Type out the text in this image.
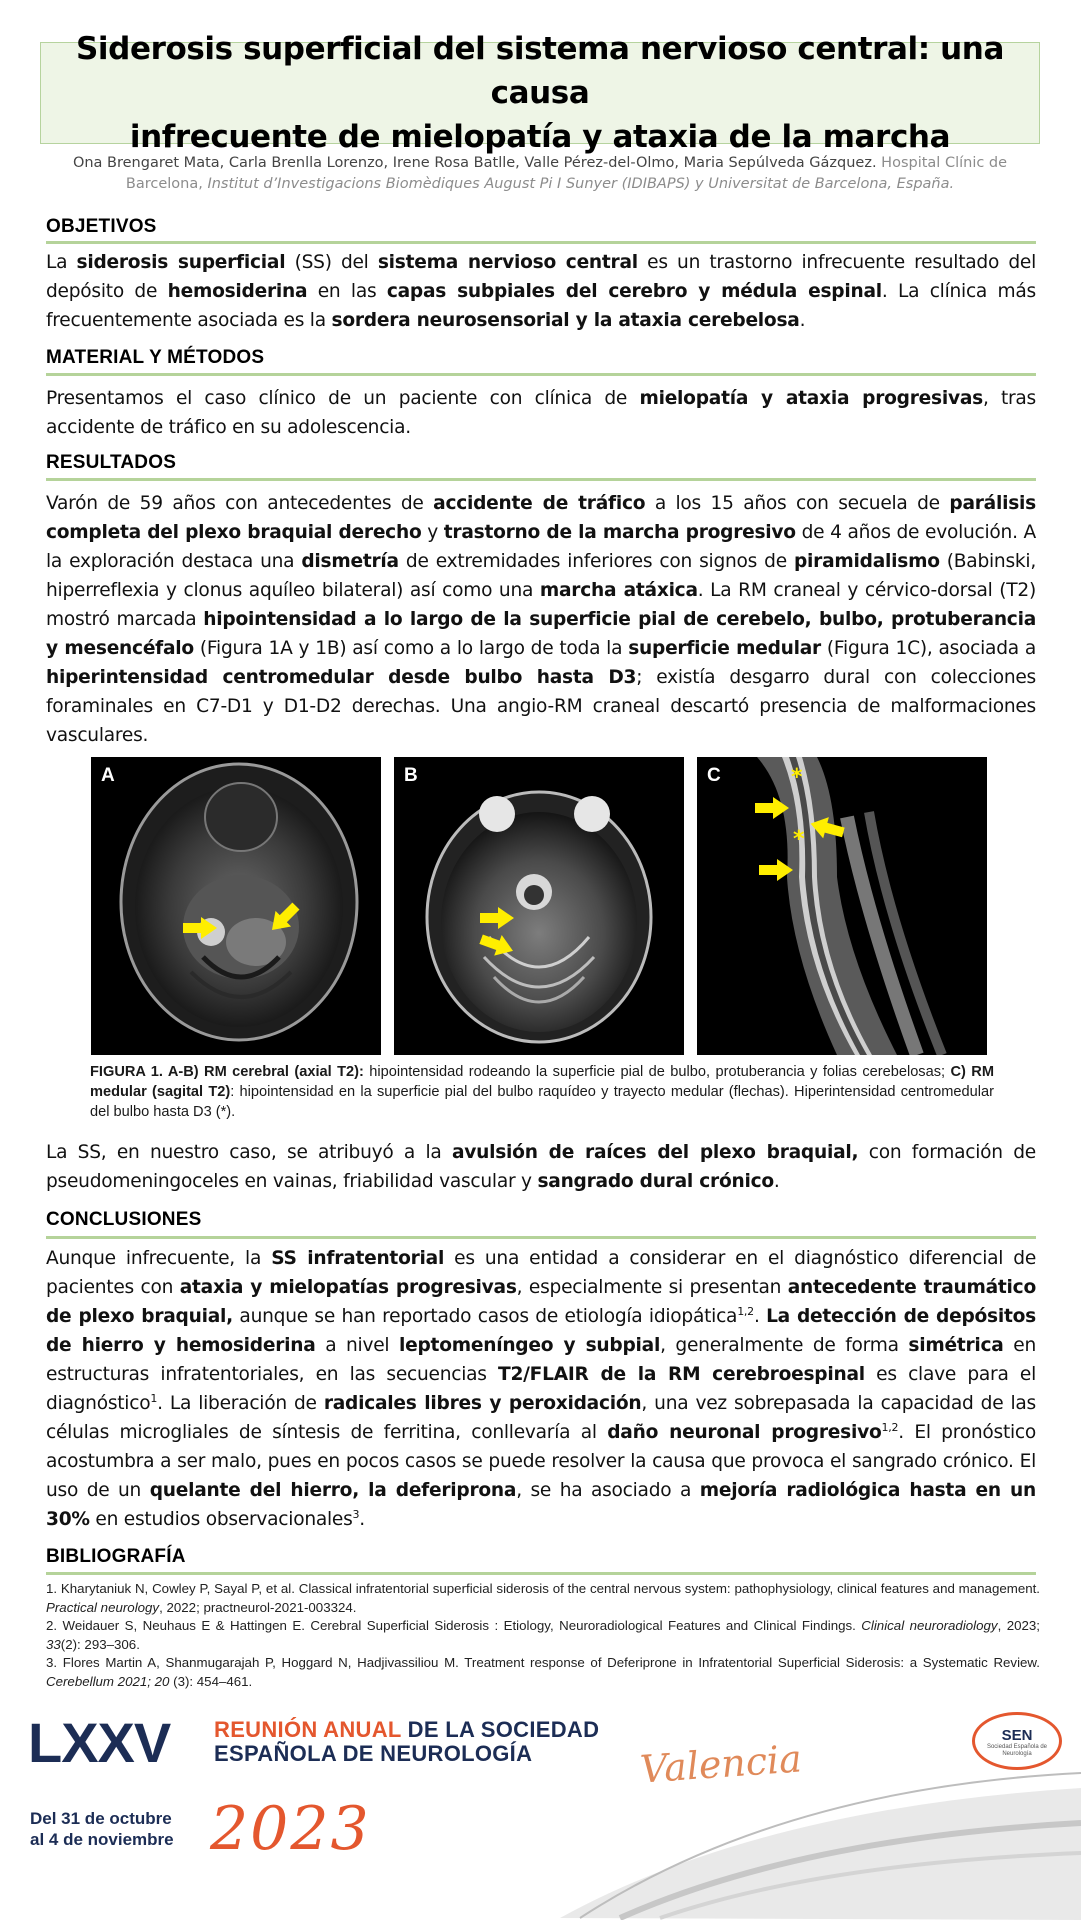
Siderosis superficial del sistema nervioso central: una causa
infrecuente de mielopatía y ataxia de la marcha
Ona Brengaret Mata, Carla Brenlla Lorenzo, Irene Rosa Batlle, Valle Pérez-del-Olmo, Maria Sepúlveda Gázquez. Hospital Clínic de Barcelona, Institut d’Investigacions Biomèdiques August Pi I Sunyer (IDIBAPS) y Universitat de Barcelona, España.
OBJETIVOS
La siderosis superficial (SS) del sistema nervioso central es un trastorno infrecuente resultado del depósito de hemosiderina en las capas subpiales del cerebro y médula espinal. La clínica más frecuentemente asociada es la sordera neurosensorial y la ataxia cerebelosa.
MATERIAL Y MÉTODOS
Presentamos el caso clínico de un paciente con clínica de mielopatía y ataxia progresivas, tras accidente de tráfico en su adolescencia.
RESULTADOS
Varón de 59 años con antecedentes de accidente de tráfico a los 15 años con secuela de parálisis completa del plexo braquial derecho y trastorno de la marcha progresivo de 4 años de evolución. A la exploración destaca una dismetría de extremidades inferiores con signos de piramidalismo (Babinski, hiperreflexia y clonus aquíleo bilateral) así como una marcha atáxica. La RM craneal y cérvico-dorsal (T2) mostró marcada hipointensidad a lo largo de la superficie pial de cerebelo, bulbo, protuberancia y mesencéfalo (Figura 1A y 1B) así como a lo largo de toda la superficie medular (Figura 1C), asociada a hiperintensidad centromedular desde bulbo hasta D3; existía desgarro dural con colecciones foraminales en C7-D1 y D1-D2 derechas. Una angio-RM craneal descartó presencia de malformaciones vasculares.
A	B	C	*
*
FIGURA 1. A-B) RM cerebral (axial T2): hipointensidad rodeando la superficie pial de bulbo, protuberancia y folias cerebelosas; C) RM medular (sagital T2): hipointensidad en la superficie pial del bulbo raquídeo y trayecto medular (flechas). Hiperintensidad centromedular del bulbo hasta D3 (*).
La SS, en nuestro caso, se atribuyó a la avulsión de raíces del plexo braquial, con formación de pseudomeningoceles en vainas, friabilidad vascular y sangrado dural crónico.
CONCLUSIONES
Aunque infrecuente, la SS infratentorial es una entidad a considerar en el diagnóstico diferencial de pacientes con ataxia y mielopatías progresivas, especialmente si presentan antecedente traumático de plexo braquial, aunque se han reportado casos de etiología idiopática$^{1,2}$. La detección de depósitos de hierro y hemosiderina a nivel leptomeníngeo y subpial, generalmente de forma simétrica en estructuras infratentoriales, en las secuencias T2/FLAIR de la RM cerebroespinal es clave para el diagnóstico$^1$. La liberación de radicales libres y peroxidación, una vez sobrepasada la capacidad de las células microgliales de síntesis de ferritina, conllevaría al daño neuronal progresivo$^{1,2}$. El pronóstico acostumbra a ser malo, pues en pocos casos se puede resolver la causa que provoca el sangrado crónico. El uso de un quelante del hierro, la deferiprona, se ha asociado a mejoría radiológica hasta en un 30% en estudios observacionales$^3$.
BIBLIOGRAFÍA

1. Kharytaniuk N, Cowley P, Sayal P, et al. Classical infratentorial superficial siderosis of the central nervous system: pathophysiology, clinical features and management. Practical neurology, 2022; practneurol-2021-003324.

2. Weidauer S, Neuhaus E & Hattingen E. Cerebral Superficial Siderosis : Etiology, Neuroradiological Features and Clinical Findings. Clinical neuroradiology, 2023; 33(2): 293–306.

3. Flores Martin A, Shanmugarajah P, Hoggard N, Hadjivassiliou M. Treatment response of Deferiprone in Infratentorial Superficial Siderosis: a Systematic Review. Cerebellum 2021; 20 (3): 454–461.

LXXV REUNIÓN ANUAL DE LA SOCIEDAD
ESPAÑOLA DE NEUROLOGÍA
Del 31 de octubre
al 4 de noviembre 2023
Valencia
SEN
Sociedad Española de Neurología
